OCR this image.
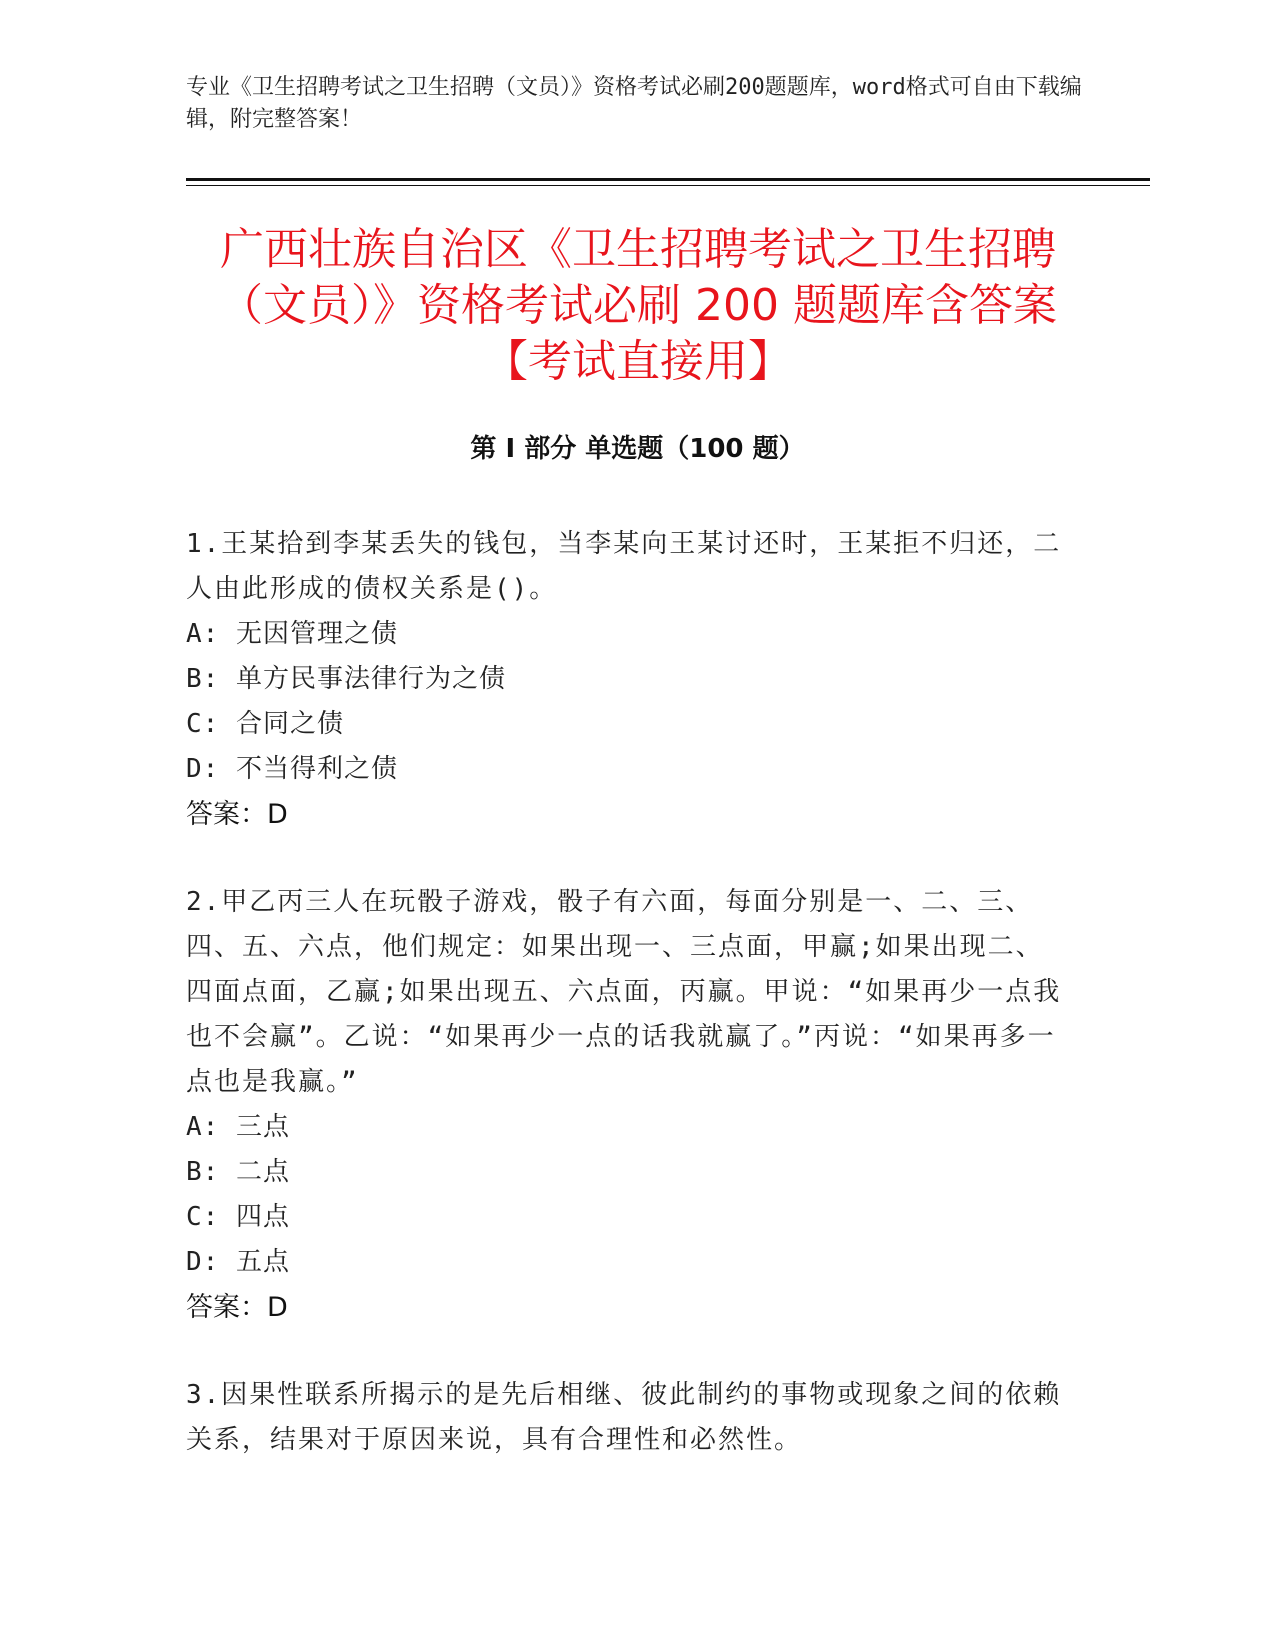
专业《卫生招聘考试之卫生招聘（文员）》资格考试必刷200题题库，word格式可自由下载编辑，附完整答案！
广西壮族自治区《卫生招聘考试之卫生招聘（文员）》资格考试必刷 200 题题库含答案【考试直接用】
第 I 部分 单选题（100 题）

1.王某拾到李某丢失的钱包，当李某向王某讨还时，王某拒不归还，二人由此形成的债权关系是()。

A: 无因管理之债

B: 单方民事法律行为之债

C: 合同之债

D: 不当得利之债

答案：D

2.甲乙丙三人在玩骰子游戏，骰子有六面，每面分别是一、二、三、四、五、六点，他们规定：如果出现一、三点面，甲赢;如果出现二、四面点面，乙赢;如果出现五、六点面，丙赢。甲说：“如果再少一点我也不会赢”。乙说：“如果再少一点的话我就赢了。”丙说：“如果再多一点也是我赢。”

A: 三点

B: 二点

C: 四点

D: 五点

答案：D

3.因果性联系所揭示的是先后相继、彼此制约的事物或现象之间的依赖关系，结果对于原因来说，具有合理性和必然性。
